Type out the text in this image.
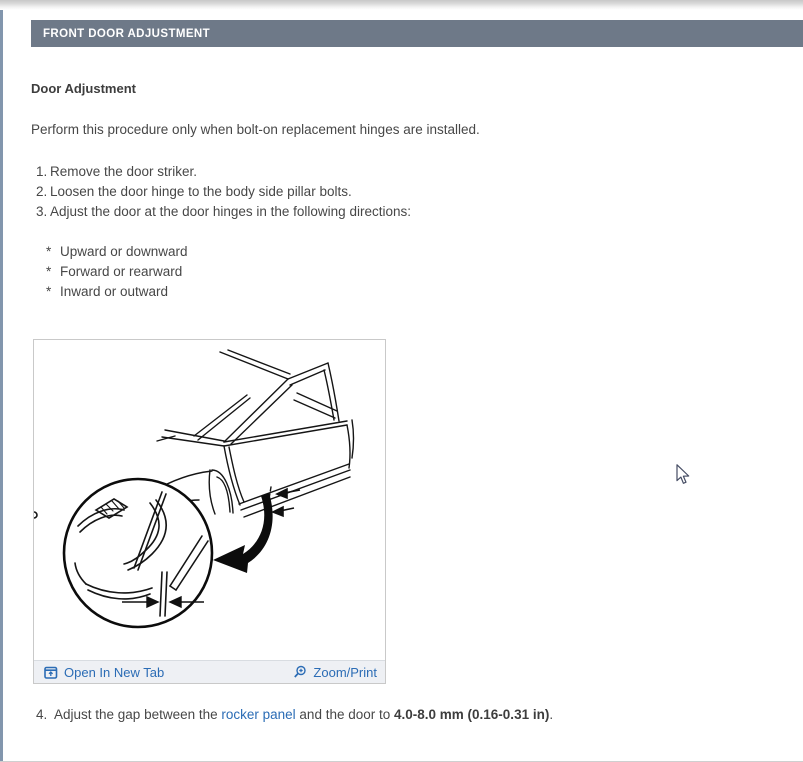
FRONT DOOR ADJUSTMENT
Door Adjustment
Perform this procedure only when bolt-on replacement hinges are installed.
1. Remove the door striker.
2. Loosen the door hinge to the body side pillar bolts.
3. Adjust the door at the door hinges in the following directions:
* Upward or downward
* Forward or rearward
* Inward or outward
Open In New Tab	Zoom/Print
4. Adjust the gap between the rocker panel and the door to 4.0-8.0 mm (0.16-0.31 in).
